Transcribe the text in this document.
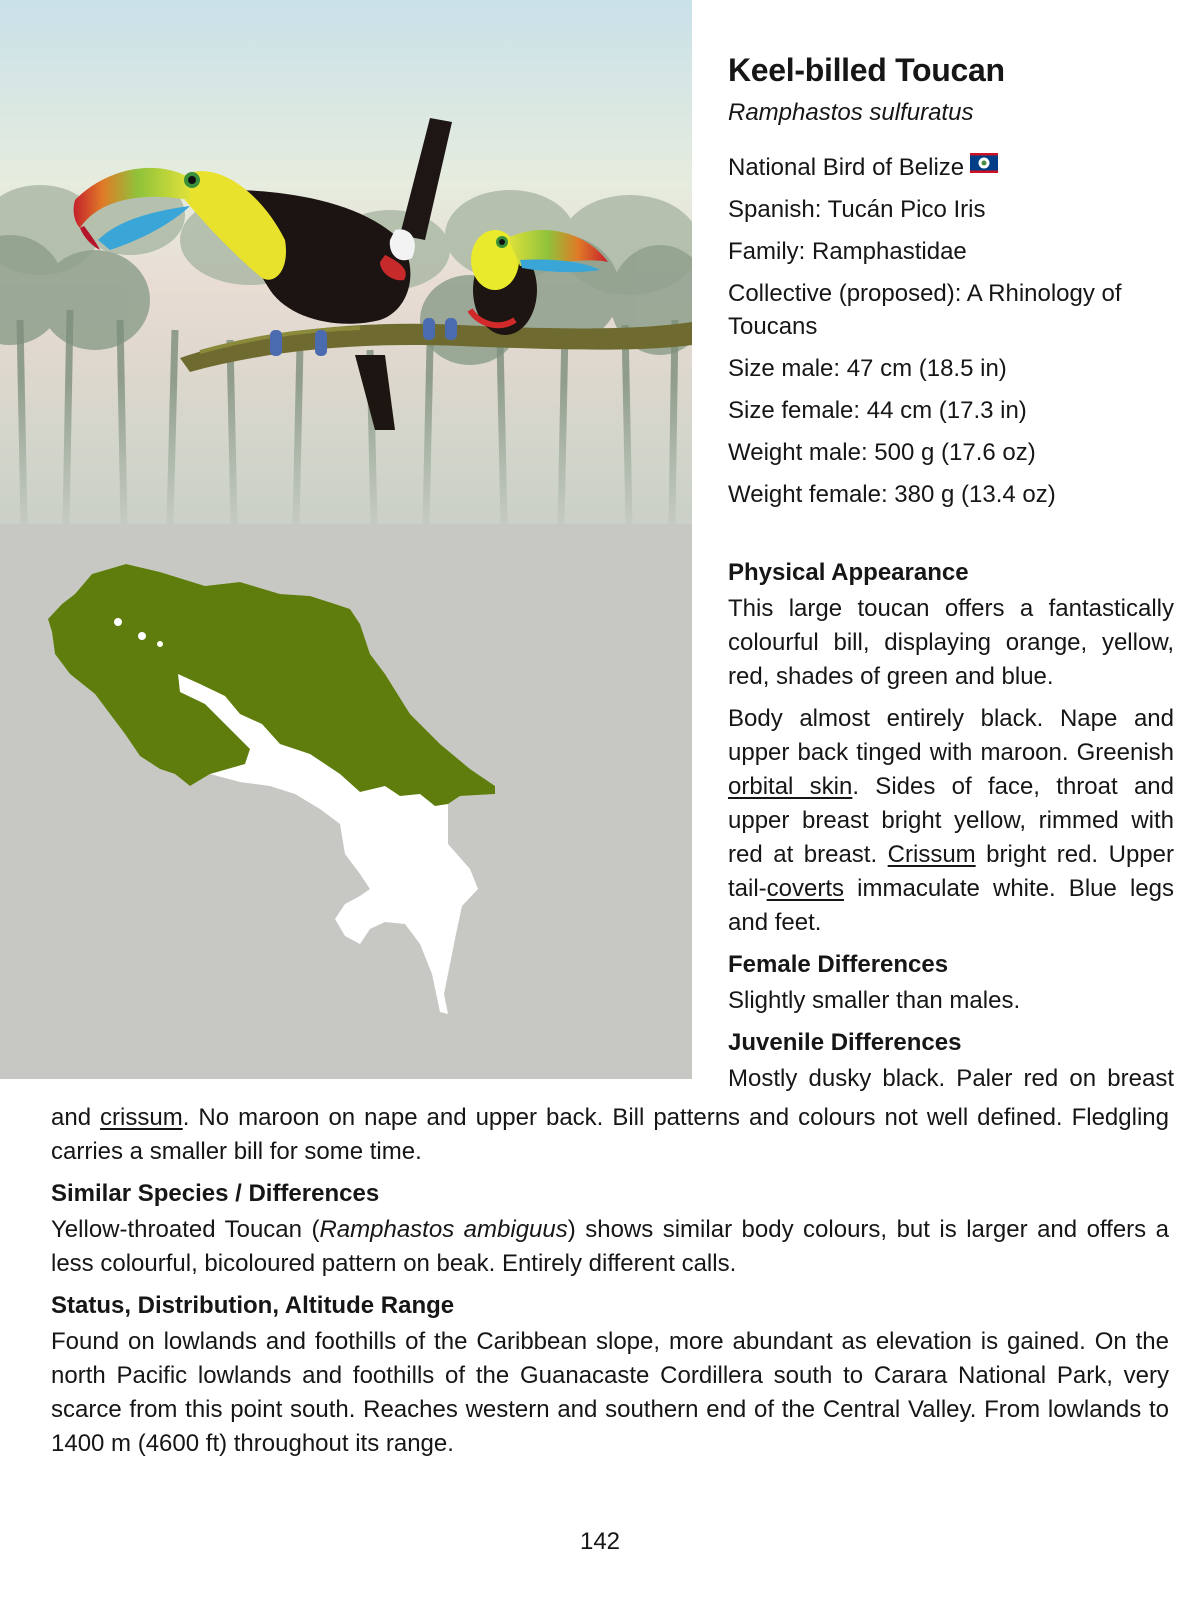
Keel-billed Toucan
Ramphastos sulfuratus
National Bird of Belize
Spanish: Tucán Pico Iris
Family: Ramphastidae
Collective (proposed): A Rhinology of Toucans
Size male: 47 cm (18.5 in)
Size female: 44 cm (17.3 in)
Weight male: 500 g (17.6 oz)
Weight female: 380 g (13.4 oz)
Physical Appearance

This large toucan offers a fantastically colourful bill, displaying orange, yellow, red, shades of green and blue.

Body almost entirely black. Nape and upper back tinged with maroon. Greenish orbital skin. Sides of face, throat and upper breast bright yellow, rimmed with red at breast. Crissum bright red. Upper tail-coverts immaculate white. Blue legs and feet.

Female Differences

Slightly smaller than males.

Juvenile Differences

Mostly dusky black. Paler red on breast

and crissum. No maroon on nape and upper back. Bill patterns and colours not well defined. Fledgling carries a smaller bill for some time.

Similar Species / Differences

Yellow-throated Toucan (Ramphastos ambiguus) shows similar body colours, but is larger and offers a less colourful, bicoloured pattern on beak. Entirely different calls.

Status, Distribution, Altitude Range

Found on lowlands and foothills of the Caribbean slope, more abundant as elevation is gained. On the north Pacific lowlands and foothills of the Guanacaste Cordillera south to Carara National Park, very scarce from this point south. Reaches western and southern end of the Central Valley. From lowlands to 1400 m (4600 ft) throughout its range.

142
